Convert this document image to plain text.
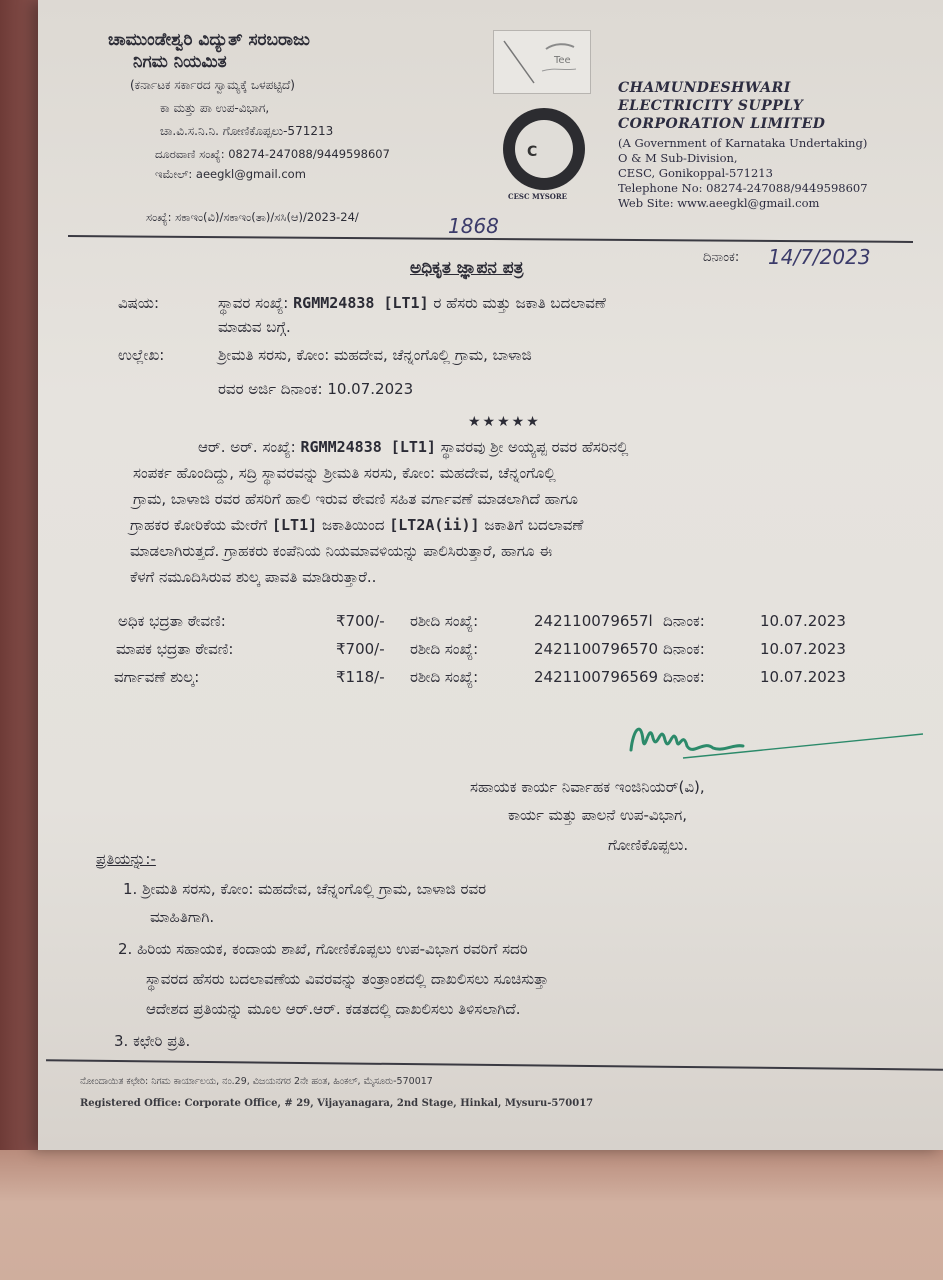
ಚಾಮುಂಡೇಶ್ವರಿ ವಿದ್ಯುತ್ ಸರಬರಾಜು
ನಿಗಮ ನಿಯಮಿತ
(ಕರ್ನಾಟಕ ಸರ್ಕಾರದ ಸ್ವಾಮ್ಯಕ್ಕೆ ಒಳಪಟ್ಟಿದೆ)
ಕಾ ಮತ್ತು ಪಾ ಉಪ-ವಿಭಾಗ,
ಚಾ.ವಿ.ಸ.ನಿ.ನಿ. ಗೋಣಿಕೊಪ್ಪಲು-571213
ದೂರವಾಣಿ ಸಂಖ್ಯೆ: 08274-247088/9449598607
ಇಮೇಲ್: aeegkl@gmail.com
Tee
C
CESC MYSORE
CHAMUNDESHWARI
ELECTRICITY SUPPLY
CORPORATION LIMITED
(A Government of Karnataka Undertaking)
O & M Sub-Division,
CESC, Gonikoppal-571213
Telephone No: 08274-247088/9449598607
Web Site: www.aeegkl@gmail.com
ಸಂಖ್ಯೆ: ಸಕಾಇಂ(ವಿ)/ಸಕಾಇಂ(ತಾ)/ಸಸಿ(ಆ)/2023-24/	1868
ದಿನಾಂಕ: 14/7/2023
ಅಧಿಕೃತ ಜ್ಞಾಪನ ಪತ್ರ
ವಿಷಯ:	ಸ್ಥಾವರ ಸಂಖ್ಯೆ: RGMM24838 [LT1] ರ ಹೆಸರು ಮತ್ತು ಜಕಾತಿ ಬದಲಾವಣೆ
ಮಾಡುವ ಬಗ್ಗೆ.
ಉಲ್ಲೇಖ:	ಶ್ರೀಮತಿ ಸರಸು, ಕೋಂ: ಮಹದೇವ, ಚೆನ್ನಂಗೊಲ್ಲಿ ಗ್ರಾಮ, ಬಾಳಾಜಿ
ರವರ ಅರ್ಜಿ ದಿನಾಂಕ: 10.07.2023
★★★★★
ಆರ್. ಅರ್. ಸಂಖ್ಯೆ: RGMM24838 [LT1] ಸ್ಥಾವರವು ಶ್ರೀ ಅಯ್ಯಪ್ಪ ರವರ ಹೆಸರಿನಲ್ಲಿ
ಸಂಪರ್ಕ ಹೊಂದಿದ್ದು, ಸದ್ರಿ ಸ್ಥಾವರವನ್ನು ಶ್ರೀಮತಿ ಸರಸು, ಕೋಂ: ಮಹದೇವ, ಚೆನ್ನಂಗೊಲ್ಲಿ
ಗ್ರಾಮ, ಬಾಳಾಜಿ ರವರ ಹೆಸರಿಗೆ ಹಾಲಿ ಇರುವ ಠೇವಣಿ ಸಹಿತ ವರ್ಗಾವಣೆ ಮಾಡಲಾಗಿದೆ ಹಾಗೂ
ಗ್ರಾಹಕರ ಕೋರಿಕೆಯ ಮೇರೆಗೆ [LT1] ಜಕಾತಿಯಿಂದ [LT2A(ii)] ಜಕಾತಿಗೆ ಬದಲಾವಣೆ
ಮಾಡಲಾಗಿರುತ್ತದೆ. ಗ್ರಾಹಕರು ಕಂಪೆನಿಯ ನಿಯಮಾವಳಿಯನ್ನು ಪಾಲಿಸಿರುತ್ತಾರೆ, ಹಾಗೂ ಈ
ಕೆಳಗೆ ನಮೂದಿಸಿರುವ ಶುಲ್ಕ ಪಾವತಿ ಮಾಡಿರುತ್ತಾರೆ..
ಅಧಿಕ ಭದ್ರತಾ ಠೇವಣಿ:	₹700/- ರಶೀದಿ ಸಂಖ್ಯೆ:	242110079657l ದಿನಾಂಕ:	10.07.2023
ಮಾಪಕ ಭದ್ರತಾ ಠೇವಣಿ:	₹700/- ರಶೀದಿ ಸಂಖ್ಯೆ:	2421100796570 ದಿನಾಂಕ:	10.07.2023
ವರ್ಗಾವಣೆ ಶುಲ್ಕ:	₹118/- ರಶೀದಿ ಸಂಖ್ಯೆ:	2421100796569 ದಿನಾಂಕ:	10.07.2023
ಸಹಾಯಕ ಕಾರ್ಯ ನಿರ್ವಾಹಕ ಇಂಜಿನಿಯರ್(ವಿ),
ಕಾರ್ಯ ಮತ್ತು ಪಾಲನೆ ಉಪ-ವಿಭಾಗ,
ಗೋಣಿಕೊಪ್ಪಲು.
ಪ್ರತಿಯನ್ನು:-
1. ಶ್ರೀಮತಿ ಸರಸು, ಕೋಂ: ಮಹದೇವ, ಚೆನ್ನಂಗೊಲ್ಲಿ ಗ್ರಾಮ, ಬಾಳಾಜಿ ರವರ
ಮಾಹಿತಿಗಾಗಿ.
2. ಹಿರಿಯ ಸಹಾಯಕ, ಕಂದಾಯ ಶಾಖೆ, ಗೋಣಿಕೊಪ್ಪಲು ಉಪ-ವಿಭಾಗ ರವರಿಗೆ ಸದರಿ
ಸ್ಥಾವರದ ಹೆಸರು ಬದಲಾವಣೆಯ ವಿವರವನ್ನು ತಂತ್ರಾಂಶದಲ್ಲಿ ದಾಖಲಿಸಲು ಸೂಚಿಸುತ್ತಾ
ಆದೇಶದ ಪ್ರತಿಯನ್ನು ಮೂಲ ಆರ್.ಆರ್. ಕಡತದಲ್ಲಿ ದಾಖಲಿಸಲು ತಿಳಿಸಲಾಗಿದೆ.
3. ಕಛೇರಿ ಪ್ರತಿ.
ನೋಂದಾಯಿತ ಕಛೇರಿ: ನಿಗಮ ಕಾರ್ಯಾಲಯ, ನಂ.29, ವಿಜಯನಗರ 2ನೇ ಹಂತ, ಹಿಂಕಲ್, ಮೈಸೂರು-570017
Registered Office: Corporate Office, # 29, Vijayanagara, 2nd Stage, Hinkal, Mysuru-570017
